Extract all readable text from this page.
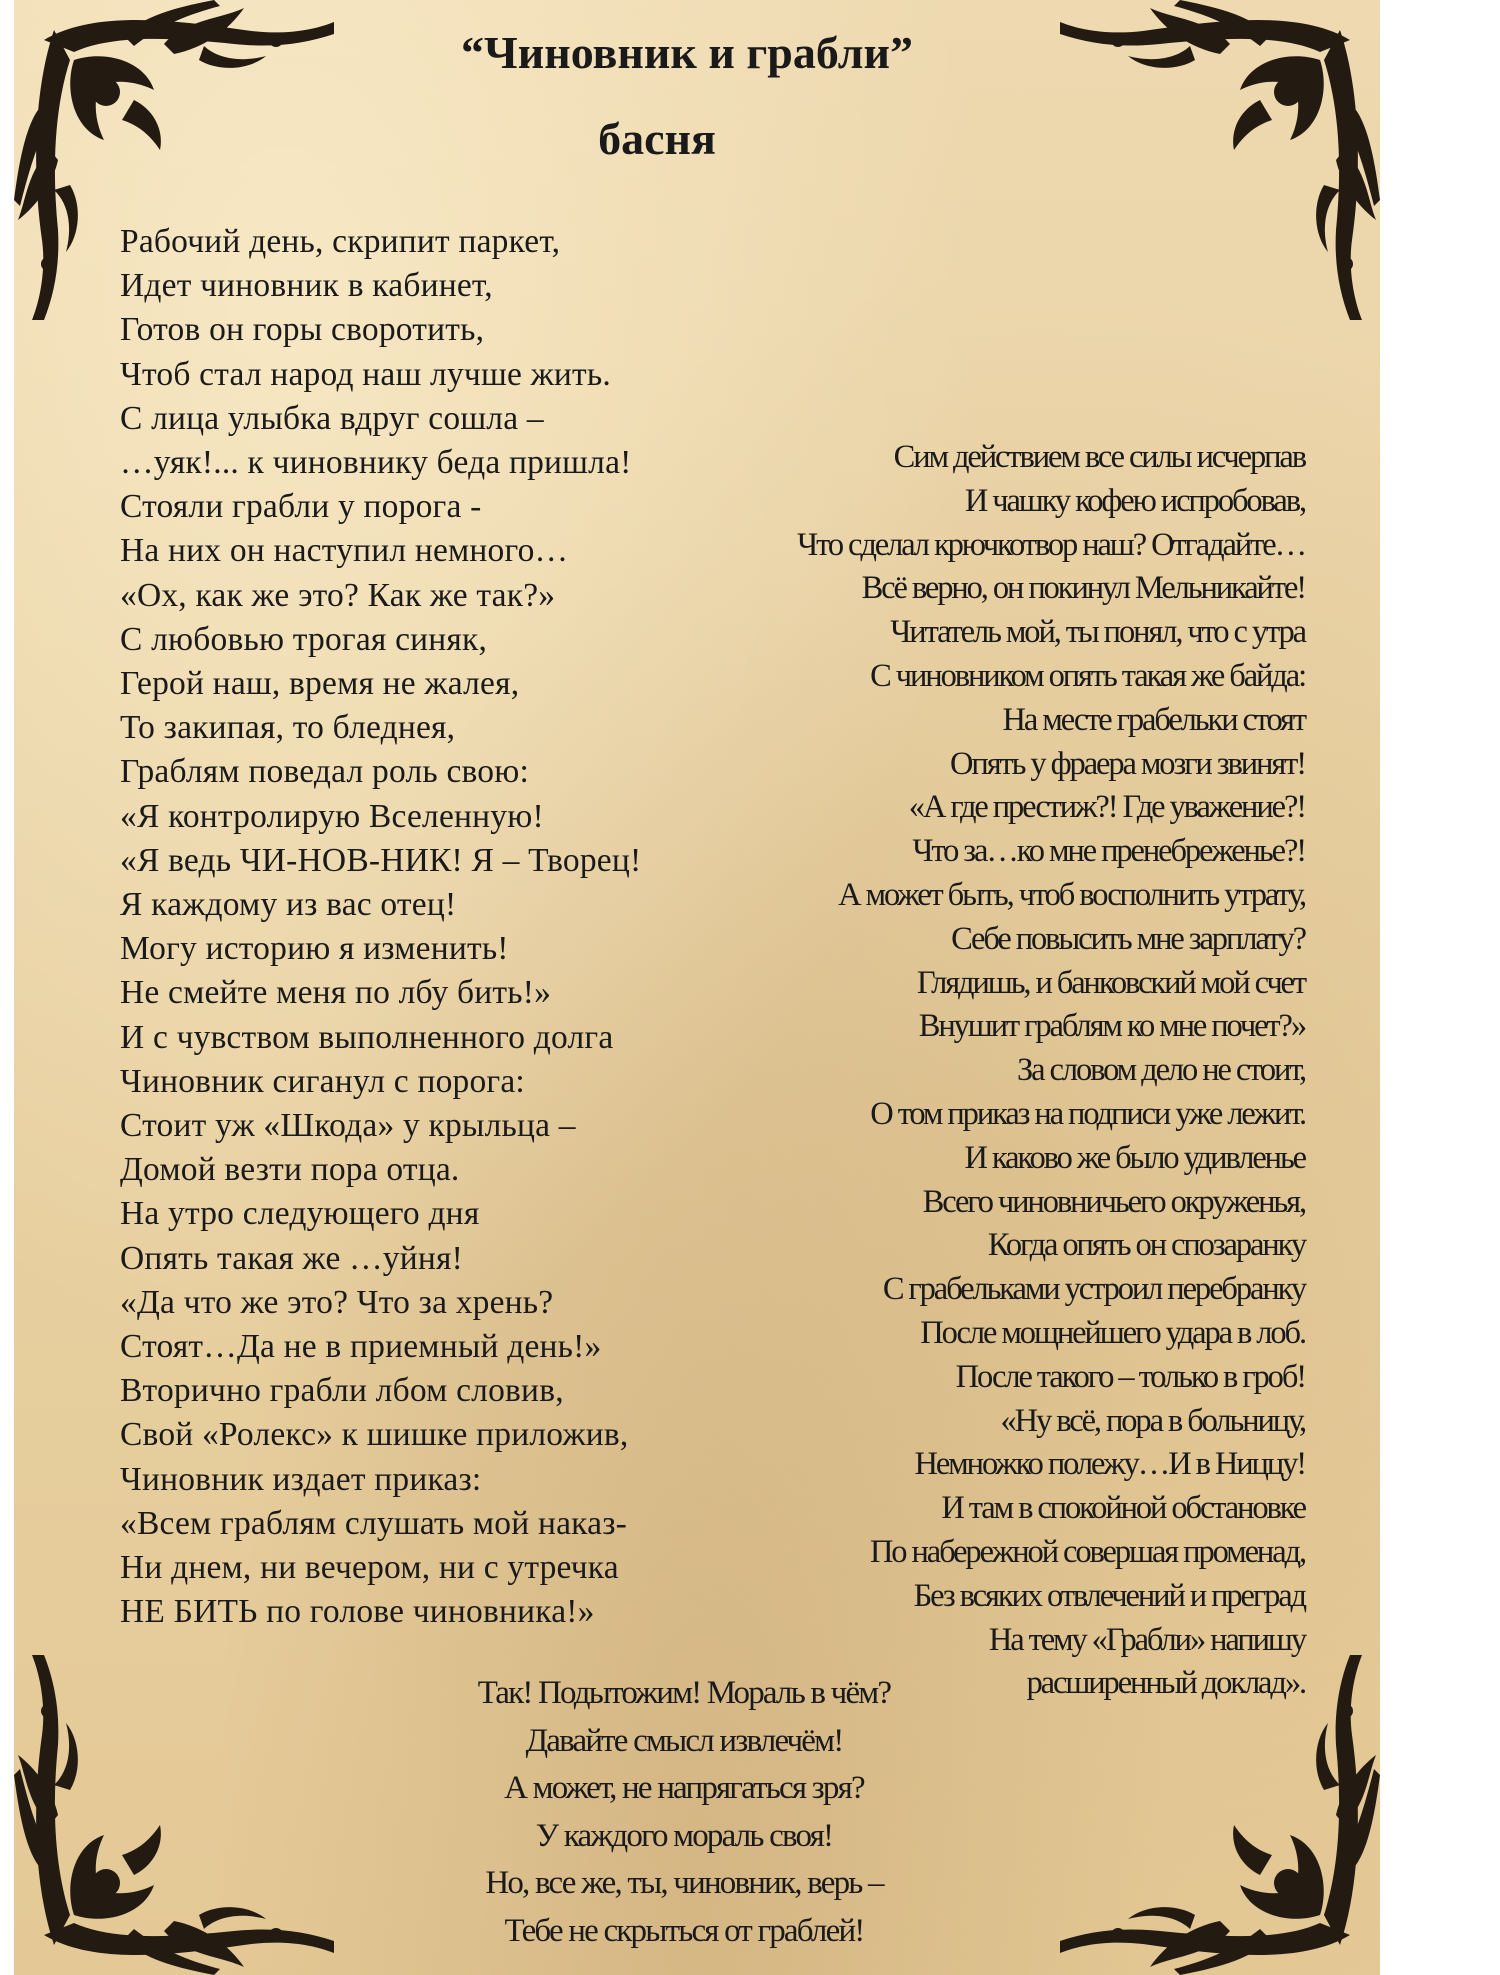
“Чиновник и грабли”
басня
Рабочий день, скрипит паркет,
Идет чиновник в кабинет,
Готов он горы своротить,
Чтоб стал народ наш лучше жить.
С лица улыбка вдруг сошла –
…уяк!... к чиновнику беда пришла!
Стояли грабли у порога -
На них он наступил немного…
«Ох, как же это? Как же так?»
С любовью трогая синяк,
Герой наш, время не жалея,
То закипая, то бледнея,
Граблям поведал роль свою:
«Я контролирую Вселенную!
«Я ведь ЧИ-НОВ-НИК! Я – Творец!
Я каждому из вас отец!
Могу историю я изменить!
Не смейте меня по лбу бить!»
И с чувством выполненного долга
Чиновник сиганул с порога:
Стоит уж «Шкода» у крыльца –
Домой везти пора отца.
На утро следующего дня
Опять такая же …уйня!
«Да что же это? Что за хрень?
Стоят…Да не в приемный день!»
Вторично грабли лбом словив,
Свой «Ролекс» к шишке приложив,
Чиновник издает приказ:
«Всем граблям слушать мой наказ-
Ни днем, ни вечером, ни с утречка
НЕ БИТЬ по голове чиновника!»
Сим действием все силы исчерпав
И чашку кофею испробовав,
Что сделал крючкотвор наш? Отгадайте…
Всё верно, он покинул Мельникайте!
Читатель мой, ты понял, что с утра
С чиновником опять такая же байда:
На месте грабельки стоят
Опять у фраера мозги звинят!
«А где престиж?! Где уважение?!
Что за…ко мне пренебреженье?!
А может быть, чтоб восполнить утрату,
Себе повысить мне зарплату?
Глядишь, и банковский мой счет
Внушит граблям ко мне почет?»
За словом дело не стоит,
О том приказ на подписи уже лежит.
И каково же было удивленье
Всего чиновничьего окруженья,
Когда опять он спозаранку
С грабельками устроил перебранку
После мощнейшего удара в лоб.
После такого – только в гроб!
«Ну всё, пора в больницу,
Немножко полежу…И в Ниццу!
И там в спокойной обстановке
По набережной совершая променад,
Без всяких отвлечений и преград
На тему «Грабли» напишу
расширенный доклад».
Так! Подытожим! Мораль в чём?
Давайте смысл извлечём!
А может, не напрягаться зря?
У каждого мораль своя!
Но, все же, ты, чиновник, верь –
Тебе не скрыться от граблей!
